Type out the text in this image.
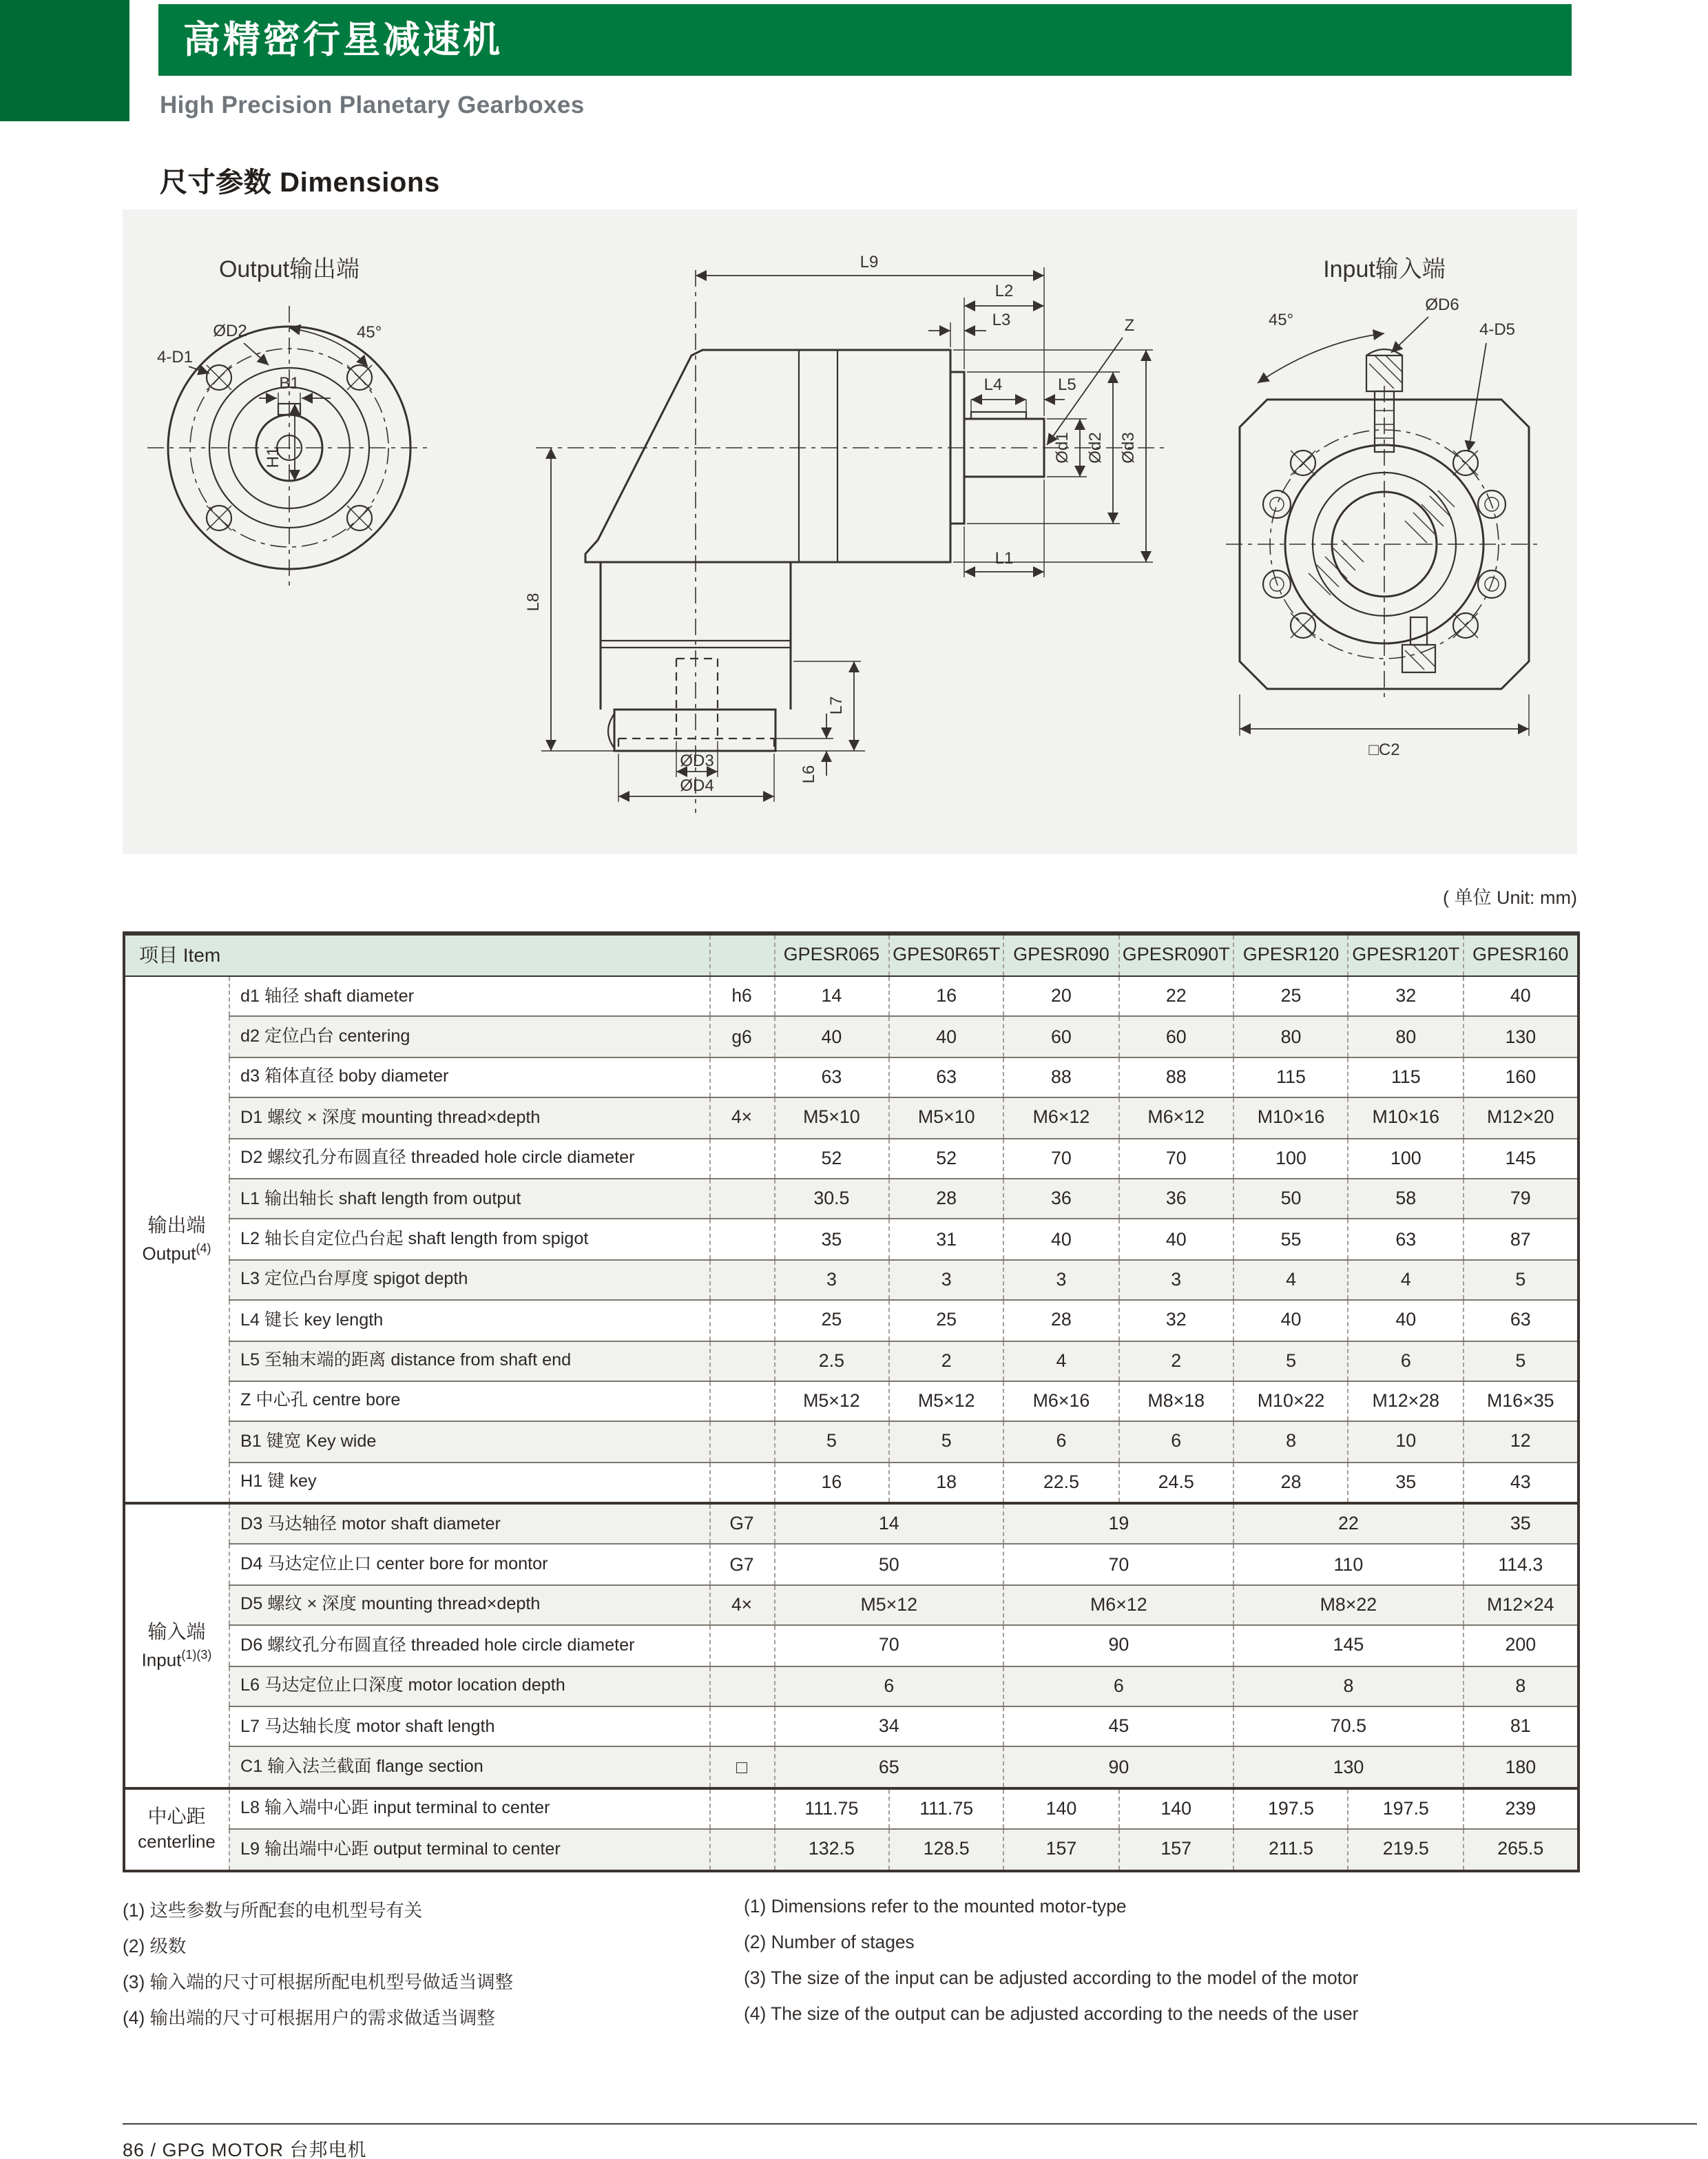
高精密行星减速机
High Precision Planetary Gearboxes
尺寸参数 Dimensions
Output输出端
B1
H1
ØD2	45°
4-D1
L9
L2
L3	Z
L4	L5
Ød1 Ød2 Ød3
L1
L8
L7
L6
ØD3
ØD4
Input输入端
45°
ØD6
4-D5
□C2
( 单位 Unit: mm)
项目 Item			GPESR065	GPES0R65T	GPESR090	GPESR090T	GPESR120	GPESR120T	GPESR160

输出端
Output$^{(4)}$	d1 轴径 shaft diameter	h6	14	16	20	22	25	32	40
	d2 定位凸台 centering	g6	40	40	60	60	80	80	130
	d3 箱体直径 boby diameter		63	63	88	88	115	115	160
	D1 螺纹 × 深度 mounting thread×depth	4×	M5×10	M5×10	M6×12	M6×12	M10×16	M10×16	M12×20
	D2 螺纹孔分布圆直径 threaded hole circle diameter		52	52	70	70	100	100	145
	L1 输出轴长 shaft length from output		30.5	28	36	36	50	58	79
	L2 轴长自定位凸台起 shaft length from spigot		35	31	40	40	55	63	87
	L3 定位凸台厚度 spigot depth		3	3	3	3	4	4	5
	L4 键长 key length		25	25	28	32	40	40	63
	L5 至轴末端的距离 distance from shaft end		2.5	2	4	2	5	6	5
	Z 中心孔 centre bore		M5×12	M5×12	M6×16	M8×18	M10×22	M12×28	M16×35
	B1 键宽 Key wide		5	5	6	6	8	10	12
	H1 键 key		16	18	22.5	24.5	28	35	43

输入端
Input$^{(1)(3)}$	D3 马达轴径 motor shaft diameter	G7	14		19		22		35
	D4 马达定位止口 center bore for montor	G7	50		70		110		114.3
	D5 螺纹 × 深度 mounting thread×depth	4×	M5×12		M6×12		M8×22		M12×24
	D6 螺纹孔分布圆直径 threaded hole circle diameter		70		90		145		200
	L6 马达定位止口深度 motor location depth		6		6		8		8
	L7 马达轴长度 motor shaft length		34		45		70.5		81
	C1 输入法兰截面 flange section	□	65		90		130		180

中心距
centerline	L8 输入端中心距 input terminal to center		111.75	111.75	140	140	197.5	197.5	239
	L9 输出端中心距 output terminal to center		132.5	128.5	157	157	211.5	219.5	265.5
(1) 这些参数与所配套的电机型号有关
(2) 级数
(3) 输入端的尺寸可根据所配电机型号做适当调整
(4) 输出端的尺寸可根据用户的需求做适当调整
(1) Dimensions refer to the mounted motor-type
(2) Number of stages
(3) The size of the input can be adjusted according to the model of the motor
(4) The size of the output can be adjusted according to the needs of the user
86 / GPG MOTOR 台邦电机
